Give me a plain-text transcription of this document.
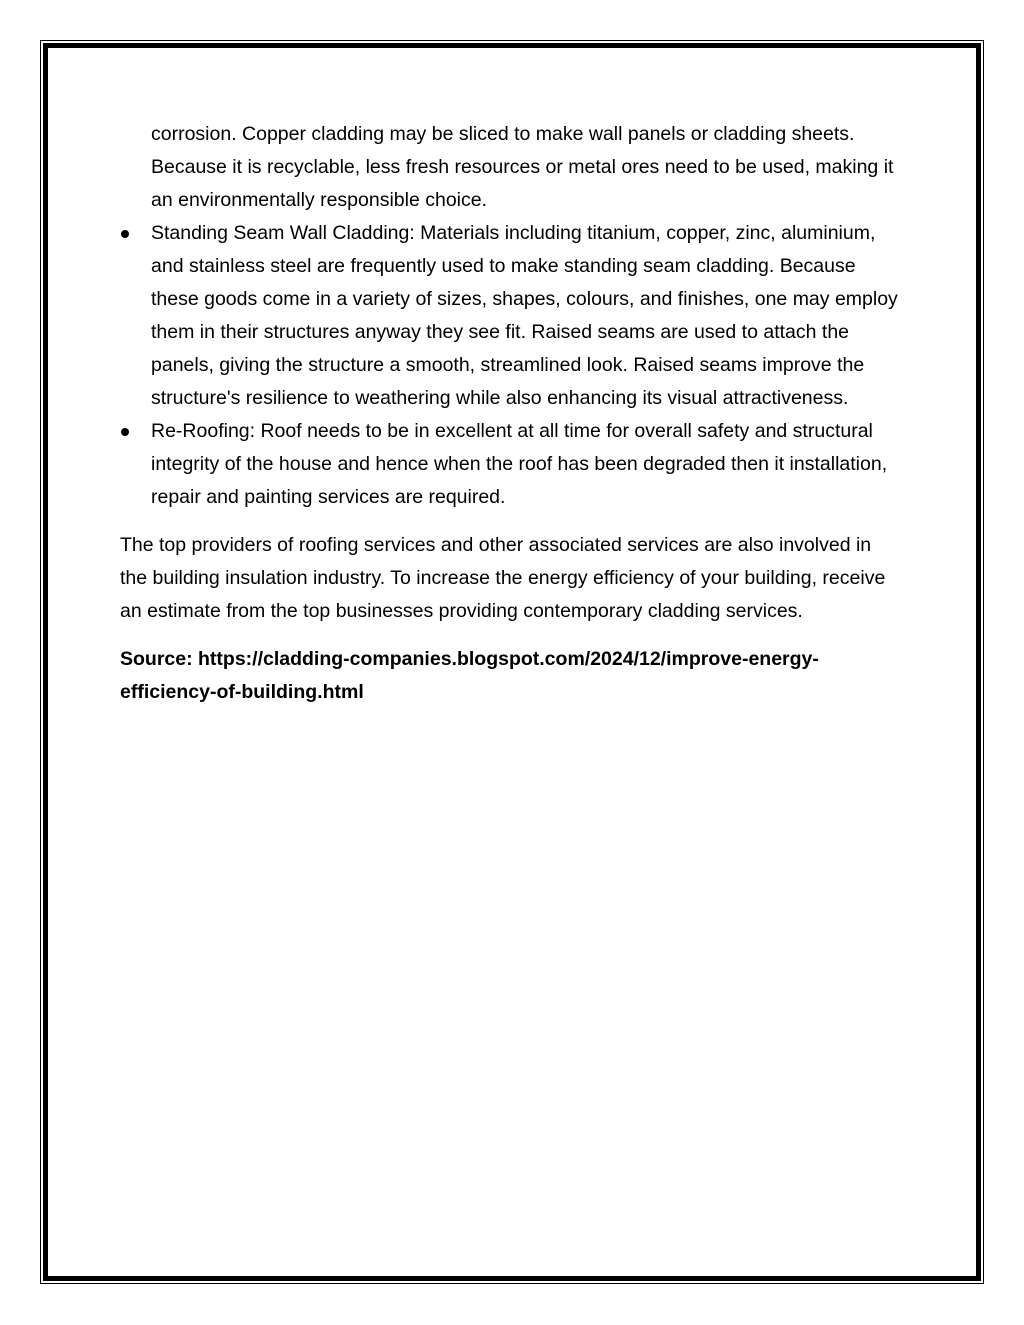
corrosion. Copper cladding may be sliced to make wall panels or cladding sheets. Because it is recyclable, less fresh resources or metal ores need to be used, making it an environmentally responsible choice.
Standing Seam Wall Cladding: Materials including titanium, copper, zinc, aluminium, and stainless steel are frequently used to make standing seam cladding. Because these goods come in a variety of sizes, shapes, colours, and finishes, one may employ them in their structures anyway they see fit. Raised seams are used to attach the panels, giving the structure a smooth, streamlined look. Raised seams improve the structure's resilience to weathering while also enhancing its visual attractiveness.
Re-Roofing: Roof needs to be in excellent at all time for overall safety and structural integrity of the house and hence when the roof has been degraded then it installation, repair and painting services are required.

The top providers of roofing services and other associated services are also involved in the building insulation industry. To increase the energy efficiency of your building, receive an estimate from the top businesses providing contemporary cladding services.

Source: https://cladding-companies.blogspot.com/2024/12/improve-energy-
efficiency-of-building.html
